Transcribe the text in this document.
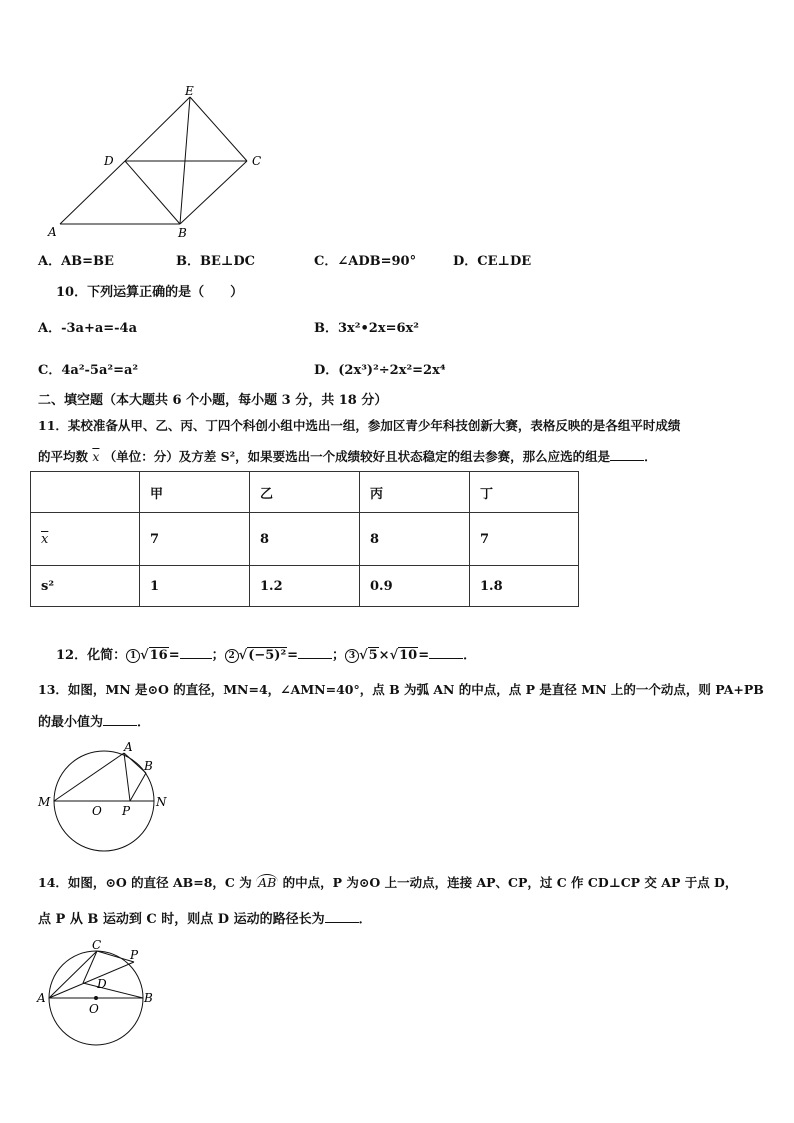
E
D	C
A	B
A．AB=BE	B．BE⊥DC	C．∠ADB=90°	D．CE⊥DE
10．下列运算正确的是（　　）
A．-3a+a=-4a	B．3x²•2x=6x²
C．4a²-5a²=a²	D．(2x³)²÷2x²=2x⁴
二、填空题（本大题共 6 个小题，每小题 3 分，共 18 分）
11．某校准备从甲、乙、丙、丁四个科创小组中选出一组，参加区青少年科技创新大赛，表格反映的是各组平时成绩
的平均数 $\overline{x}$ （单位：分）及方差 S²，如果要选出一个成绩较好且状态稳定的组去参赛，那么应选的组是	．
	甲	乙	丙	丁
$\overline{x}$	7	8	8	7
s²	1	1.2	0.9	1.8
12．化简： 1 √16= ； 2 √(−5)²=	； 3 √5×√10=	．
13．如图，MN 是⊙O 的直径，MN=4，∠AMN=40°，点 B 为弧 AN 的中点，点 P 是直径 MN 上的一个动点，则 PA+PB
的最小值为	．
M	N
O P
A
B
14．如图，⊙O 的直径 AB=8，C 为 AB 的中点，P 为⊙O 上一动点，连接 AP、CP，过 C 作 CD⊥CP 交 AP 于点 D，
点 P 从 B 运动到 C 时，则点 D 运动的路径长为	．
C
P
D
A	B
O
